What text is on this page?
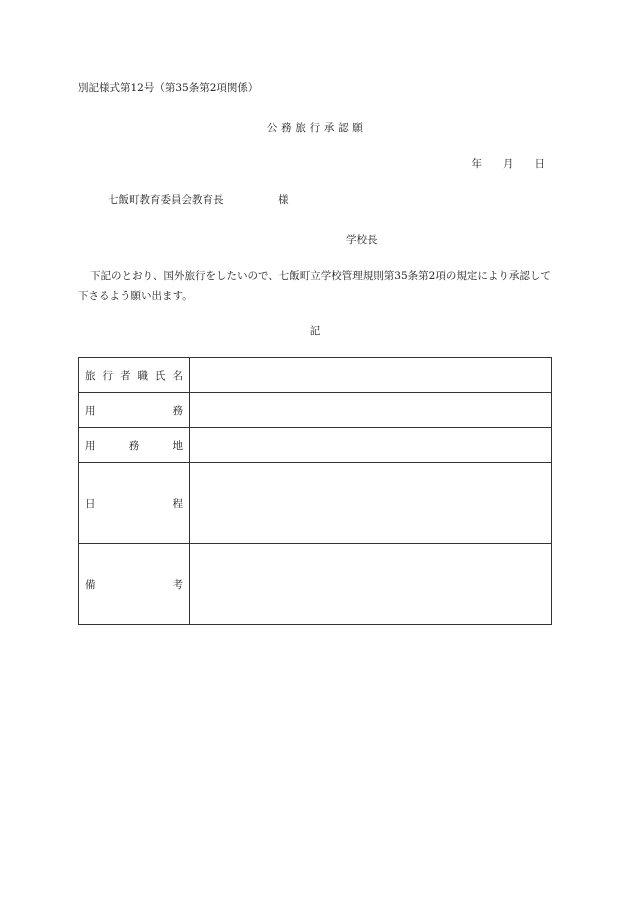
別記様式第12号（第35条第2項関係）
公 務 旅 行 承 認 願
年　　月　　日
七飯町教育委員会教育長	様
学校長

下記のとおり、国外旅行をしたいので、七飯町立学校管理規則第35条第2項の規定により承認して下さるよう願い出ます。

記
旅行者職氏名	

用務	

用務地	

日程	

備考	
